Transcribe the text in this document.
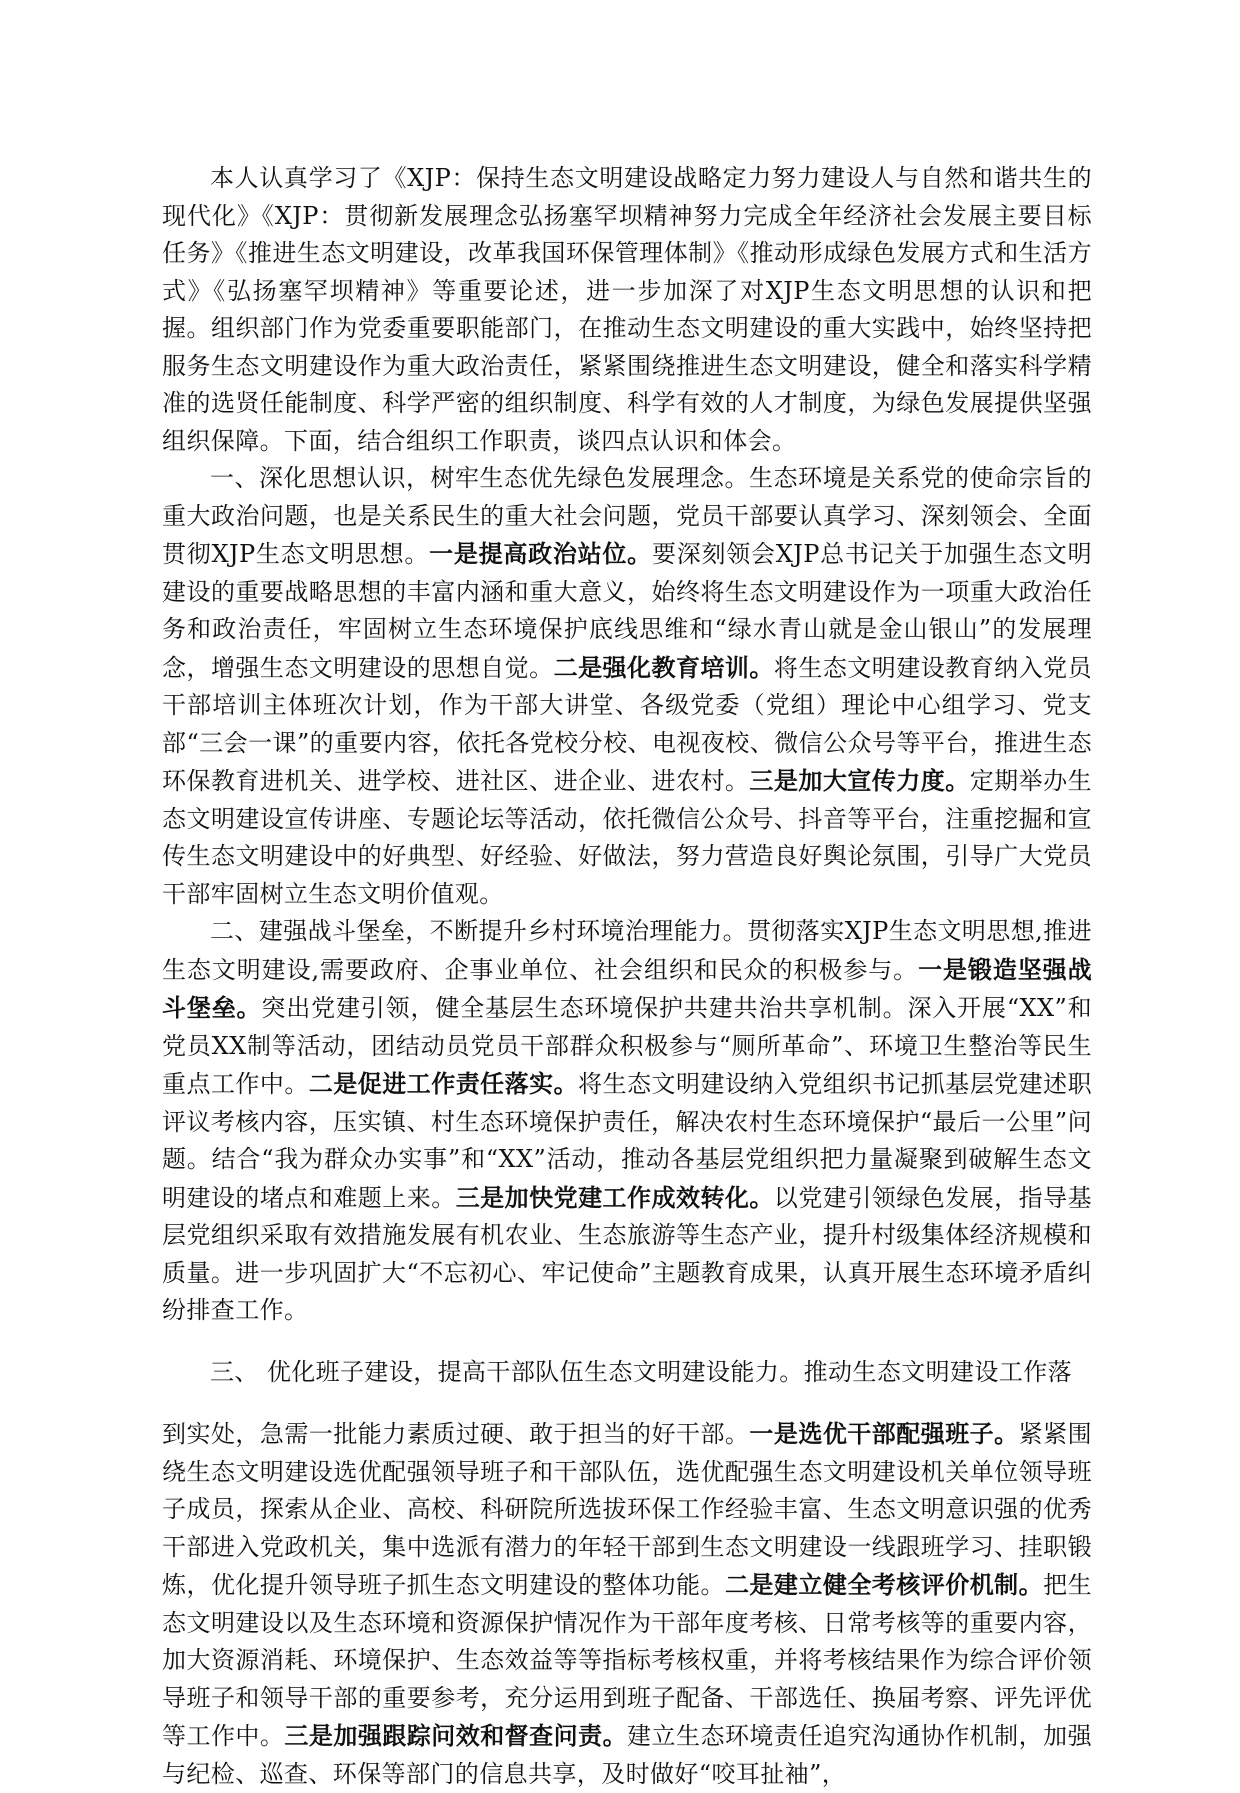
本人认真学习了《XJP：保持生态文明建设战略定力努力建设人与自然和谐共生的现代化》《XJP：贯彻新发展理念弘扬塞罕坝精神努力完成全年经济社会发展主要目标任务》《推进生态文明建设，改革我国环保管理体制》《推动形成绿色发展方式和生活方式》《弘扬塞罕坝精神》等重要论述，进一步加深了对XJP生态文明思想的认识和把握。组织部门作为党委重要职能部门，在推动生态文明建设的重大实践中，始终坚持把服务生态文明建设作为重大政治责任，紧紧围绕推进生态文明建设，健全和落实科学精准的选贤任能制度、科学严密的组织制度、科学有效的人才制度，为绿色发展提供坚强组织保障。下面，结合组织工作职责，谈四点认识和体会。

一、深化思想认识，树牢生态优先绿色发展理念。生态环境是关系党的使命宗旨的重大政治问题，也是关系民生的重大社会问题，党员干部要认真学习、深刻领会、全面贯彻XJP生态文明思想。一是提高政治站位。要深刻领会XJP总书记关于加强生态文明建设的重要战略思想的丰富内涵和重大意义，始终将生态文明建设作为一项重大政治任务和政治责任，牢固树立生态环境保护底线思维和“绿水青山就是金山银山”的发展理念，增强生态文明建设的思想自觉。二是强化教育培训。将生态文明建设教育纳入党员干部培训主体班次计划，作为干部大讲堂、各级党委（党组）理论中心组学习、党支部“三会一课”的重要内容，依托各党校分校、电视夜校、微信公众号等平台，推进生态环保教育进机关、进学校、进社区、进企业、进农村。三是加大宣传力度。定期举办生态文明建设宣传讲座、专题论坛等活动，依托微信公众号、抖音等平台，注重挖掘和宣传生态文明建设中的好典型、好经验、好做法，努力营造良好舆论氛围，引导广大党员干部牢固树立生态文明价值观。

二、建强战斗堡垒，不断提升乡村环境治理能力。贯彻落实XJP生态文明思想,推进生态文明建设,需要政府、企事业单位、社会组织和民众的积极参与。一是锻造坚强战斗堡垒。突出党建引领，健全基层生态环境保护共建共治共享机制。深入开展“XX”和党员XX制等活动，团结动员党员干部群众积极参与“厕所革命”、环境卫生整治等民生重点工作中。二是促进工作责任落实。将生态文明建设纳入党组织书记抓基层党建述职评议考核内容，压实镇、村生态环境保护责任，解决农村生态环境保护“最后一公里”问题。结合“我为群众办实事”和“XX”活动，推动各基层党组织把力量凝聚到破解生态文明建设的堵点和难题上来。三是加快党建工作成效转化。以党建引领绿色发展，指导基层党组织采取有效措施发展有机农业、生态旅游等生态产业，提升村级集体经济规模和质量。进一步巩固扩大“不忘初心、牢记使命”主题教育成果，认真开展生态环境矛盾纠纷排查工作。

三、 优化班子建设，提高干部队伍生态文明建设能力。推动生态文明建设工作落

到实处，急需一批能力素质过硬、敢于担当的好干部。一是选优干部配强班子。紧紧围绕生态文明建设选优配强领导班子和干部队伍，选优配强生态文明建设机关单位领导班子成员，探索从企业、高校、科研院所选拔环保工作经验丰富、生态文明意识强的优秀干部进入党政机关，集中选派有潜力的年轻干部到生态文明建设一线跟班学习、挂职锻炼，优化提升领导班子抓生态文明建设的整体功能。二是建立健全考核评价机制。把生态文明建设以及生态环境和资源保护情况作为干部年度考核、日常考核等的重要内容，加大资源消耗、环境保护、生态效益等等指标考核权重，并将考核结果作为综合评价领导班子和领导干部的重要参考，充分运用到班子配备、干部选任、换届考察、评先评优等工作中。三是加强跟踪问效和督查问责。建立生态环境责任追究沟通协作机制，加强与纪检、巡查、环保等部门的信息共享，及时做好“咬耳扯袖”，
